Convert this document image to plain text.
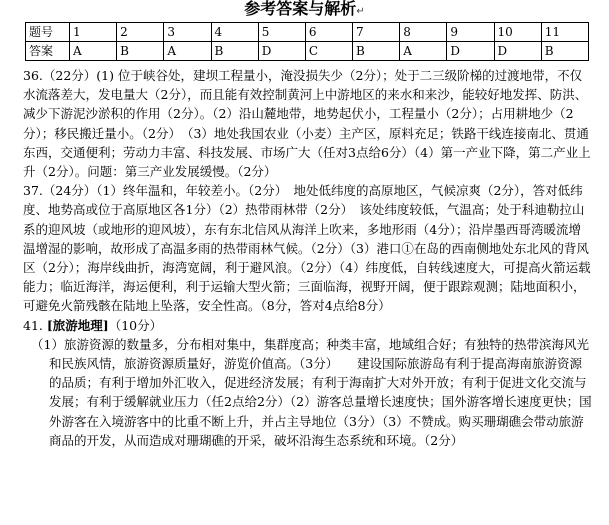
参考答案与解析↵
题号	1	2	3	4	5	6	7	8	9	10	11
答案	A	B	A	B	D	C	B	A	D	D	B

36.（22分）(1) 位于峡谷处，建坝工程量小，淹没损失少（2分）；处于二三级阶梯的过渡地带，不仅水流落差大，发电量大（2分），而且能有效控制黄河上中游地区的来水和来沙，能较好地发挥、防洪、减少下游泥沙淤积的作用（2分）。（2）沿山麓地带，地势起伏小，工程量小（2分）；占用耕地少（2分）；移民搬迁量小。（2分）　（3）地处我国农业（小麦）主产区，原料充足；铁路干线连接南北、贯通东西，交通便利；劳动力丰富、科技发展、市场广大（任对3点给6分）（4）第一产业下降，第二产业上升（2分）。问题：第三产业发展缓慢。（2分）

37.（24分）（1）终年温和，年较差小。（2分）　地处低纬度的高原地区，气候凉爽（2分），答对低纬度、地势高或位于高原地区各1分）（2）热带雨林带（2分）　该处纬度较低，气温高；处于科迪勒拉山系的迎风坡（或地形的迎风坡），东有东北信风从海洋上吹来，多地形雨（4分）；沿岸墨西哥湾暖流增温增湿的影响，故形成了高温多雨的热带雨林气候。（2分）（3）港口①在岛的西南侧地处东北风的背风区（2分）；海岸线曲折，海湾宽阔，利于避风浪。（2分）（4）纬度低，自转线速度大，可提高火箭运载能力；临近海洋，海运便利，利于运输大型火箭；三面临海，视野开阔，便于跟踪观测；陆地面积小，可避免火箭残骸在陆地上坠落，安全性高。（8分，答对4点给8分）

41. [旅游地理]（10分）

（1）旅游资源的数量多，分布相对集中，集群度高；种类丰富，地域组合好；有独特的热带滨海风光和民族风情，旅游资源质量好，游览价值高。（3分）　　建设国际旅游岛有利于提高海南旅游资源的品质；有利于增加外汇收入，促进经济发展；有利于海南扩大对外开放；有利于促进文化交流与发展；有利于缓解就业压力（任2点给2分）（2）游客总量增长速度快；国外游客增长速度更快；国外游客在入境游客中的比重不断上升，并占主导地位（3分）（3）不赞成。购买珊瑚礁会带动旅游商品的开发，从而造成对珊瑚礁的开采，破坏沿海生态系统和环境。（2分）
